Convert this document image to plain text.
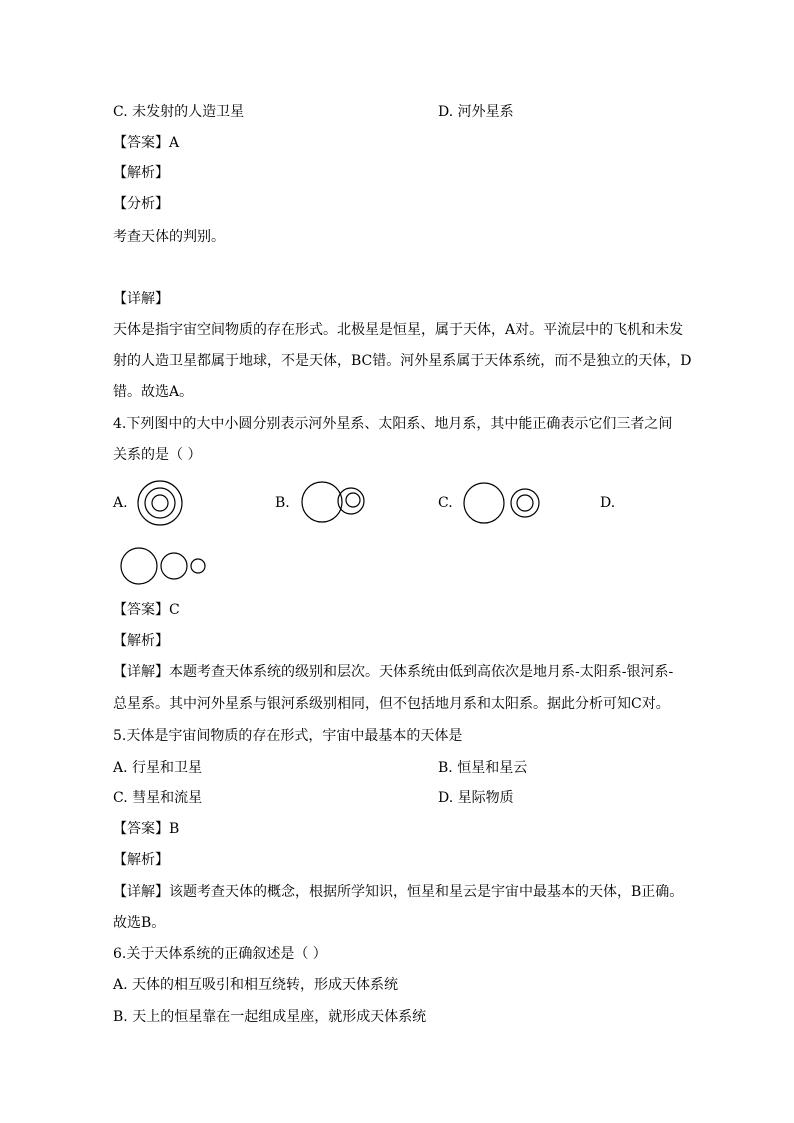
C. 未发射的人造卫星	D. 河外星系
【答案】A
【解析】
【分析】
考查天体的判别。
【详解】
天体是指宇宙空间物质的存在形式。北极星是恒星，属于天体，A对。平流层中的飞机和未发
射的人造卫星都属于地球，不是天体，BC错。河外星系属于天体系统，而不是独立的天体，D
错。故选A。
4.下列图中的大中小圆分别表示河外星系、太阳系、地月系，其中能正确表示它们三者之间
关系的是（ ）
A.	B.	C.	D.
【答案】C
【解析】
【详解】本题考查天体系统的级别和层次。天体系统由低到高依次是地月系-太阳系-银河系-
总星系。其中河外星系与银河系级别相同，但不包括地月系和太阳系。据此分析可知C对。
5.天体是宇宙间物质的存在形式，宇宙中最基本的天体是
A. 行星和卫星	B. 恒星和星云
C. 彗星和流星	D. 星际物质
【答案】B
【解析】
【详解】该题考查天体的概念，根据所学知识，恒星和星云是宇宙中最基本的天体，B正确。
故选B。
6.关于天体系统的正确叙述是（ ）
A. 天体的相互吸引和相互绕转，形成天体系统
B. 天上的恒星靠在一起组成星座，就形成天体系统
